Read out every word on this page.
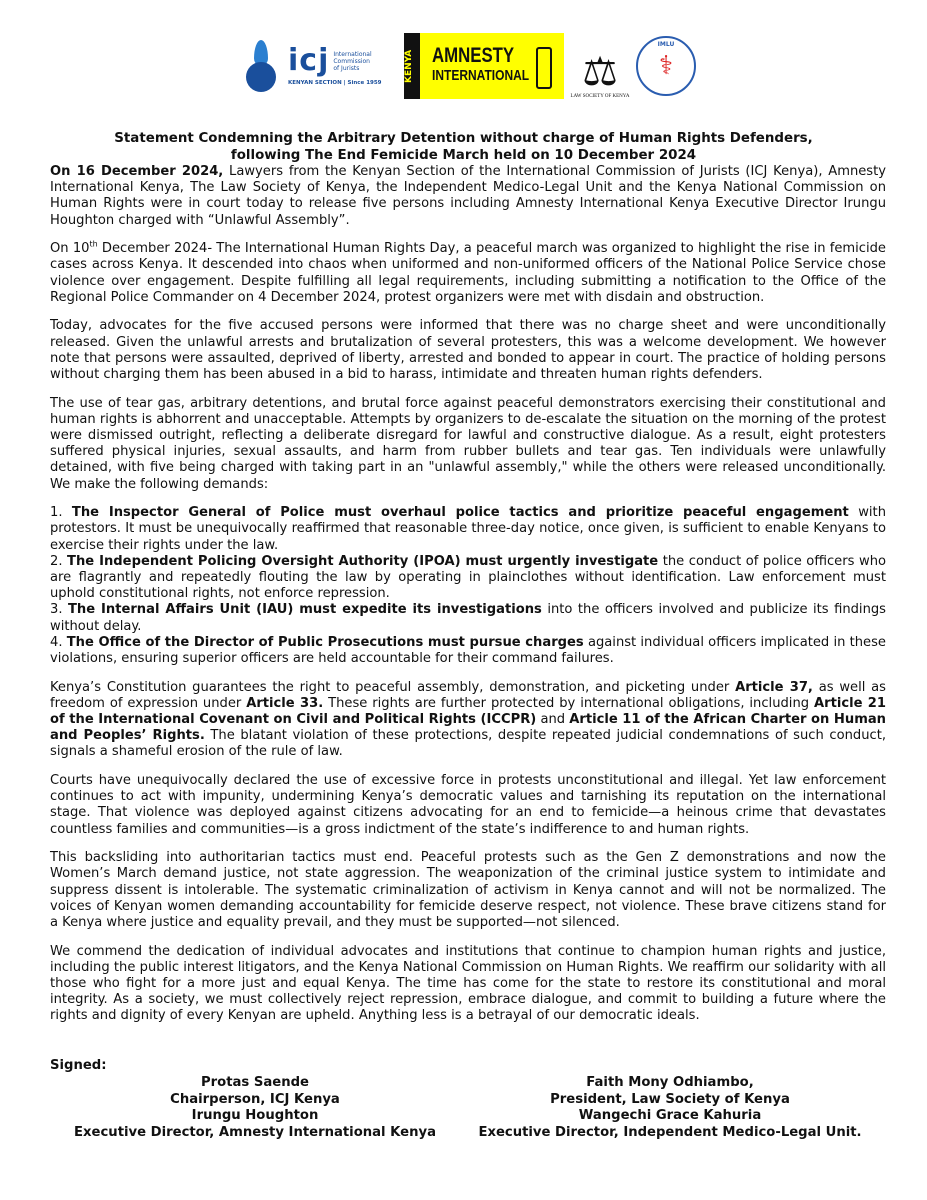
icj International
Commission
of Jurists
KENYAN SECTION | Since 1959
KENYA AMNESTY
INTERNATIONAL ⚖
LAW SOCIETY OF KENYA
IMLU
⚕
Statement Condemning the Arbitrary Detention without charge of Human Rights Defenders,
following The End Femicide March held on 10 December 2024

On 16 December 2024, Lawyers from the Kenyan Section of the International Commission of Jurists (ICJ Kenya), Amnesty International Kenya, The Law Society of Kenya, the Independent Medico-Legal Unit and the Kenya National Commission on Human Rights were in court today to release five persons including Amnesty International Kenya Executive Director Irungu Houghton charged with “Unlawful Assembly”.

On 10th December 2024- The International Human Rights Day, a peaceful march was organized to highlight the rise in femicide cases across Kenya. It descended into chaos when uniformed and non-uniformed officers of the National Police Service chose violence over engagement. Despite fulfilling all legal requirements, including submitting a notification to the Office of the Regional Police Commander on 4 December 2024, protest organizers were met with disdain and obstruction.

Today, advocates for the five accused persons were informed that there was no charge sheet and were unconditionally released. Given the unlawful arrests and brutalization of several protesters, this was a welcome development. We however note that persons were assaulted, deprived of liberty, arrested and bonded to appear in court. The practice of holding persons without charging them has been abused in a bid to harass, intimidate and threaten human rights defenders.

The use of tear gas, arbitrary detentions, and brutal force against peaceful demonstrators exercising their constitutional and human rights is abhorrent and unacceptable. Attempts by organizers to de-escalate the situation on the morning of the protest were dismissed outright, reflecting a deliberate disregard for lawful and constructive dialogue. As a result, eight protesters suffered physical injuries, sexual assaults, and harm from rubber bullets and tear gas. Ten individuals were unlawfully detained, with five being charged with taking part in an "unlawful assembly," while the others were released unconditionally. We make the following demands:

1. The Inspector General of Police must overhaul police tactics and prioritize peaceful engagement with protestors. It must be unequivocally reaffirmed that reasonable three-day notice, once given, is sufficient to enable Kenyans to exercise their rights under the law.
2. The Independent Policing Oversight Authority (IPOA) must urgently investigate the conduct of police officers who are flagrantly and repeatedly flouting the law by operating in plainclothes without identification. Law enforcement must uphold constitutional rights, not enforce repression.
3. The Internal Affairs Unit (IAU) must expedite its investigations into the officers involved and publicize its findings without delay.
4. The Office of the Director of Public Prosecutions must pursue charges against individual officers implicated in these violations, ensuring superior officers are held accountable for their command failures.

Kenya’s Constitution guarantees the right to peaceful assembly, demonstration, and picketing under Article 37, as well as freedom of expression under Article 33. These rights are further protected by international obligations, including Article 21 of the International Covenant on Civil and Political Rights (ICCPR) and Article 11 of the African Charter on Human and Peoples’ Rights. The blatant violation of these protections, despite repeated judicial condemnations of such conduct, signals a shameful erosion of the rule of law.

Courts have unequivocally declared the use of excessive force in protests unconstitutional and illegal. Yet law enforcement continues to act with impunity, undermining Kenya’s democratic values and tarnishing its reputation on the international stage. That violence was deployed against citizens advocating for an end to femicide—a heinous crime that devastates countless families and communities—is a gross indictment of the state’s indifference to and human rights.

This backsliding into authoritarian tactics must end. Peaceful protests such as the Gen Z demonstrations and now the Women’s March demand justice, not state aggression. The weaponization of the criminal justice system to intimidate and suppress dissent is intolerable. The systematic criminalization of activism in Kenya cannot and will not be normalized. The voices of Kenyan women demanding accountability for femicide deserve respect, not violence. These brave citizens stand for a Kenya where justice and equality prevail, and they must be supported—not silenced.

We commend the dedication of individual advocates and institutions that continue to champion human rights and justice, including the public interest litigators, and the Kenya National Commission on Human Rights. We reaffirm our solidarity with all those who fight for a more just and equal Kenya. The time has come for the state to restore its constitutional and moral integrity. As a society, we must collectively reject repression, embrace dialogue, and commit to building a future where the rights and dignity of every Kenyan are upheld. Anything less is a betrayal of our democratic ideals.

Signed:
Protas Saende
Chairperson, ICJ Kenya
Irungu Houghton
Executive Director, Amnesty International Kenya
Faith Mony Odhiambo,
President, Law Society of Kenya
Wangechi Grace Kahuria
Executive Director, Independent Medico-Legal Unit.
